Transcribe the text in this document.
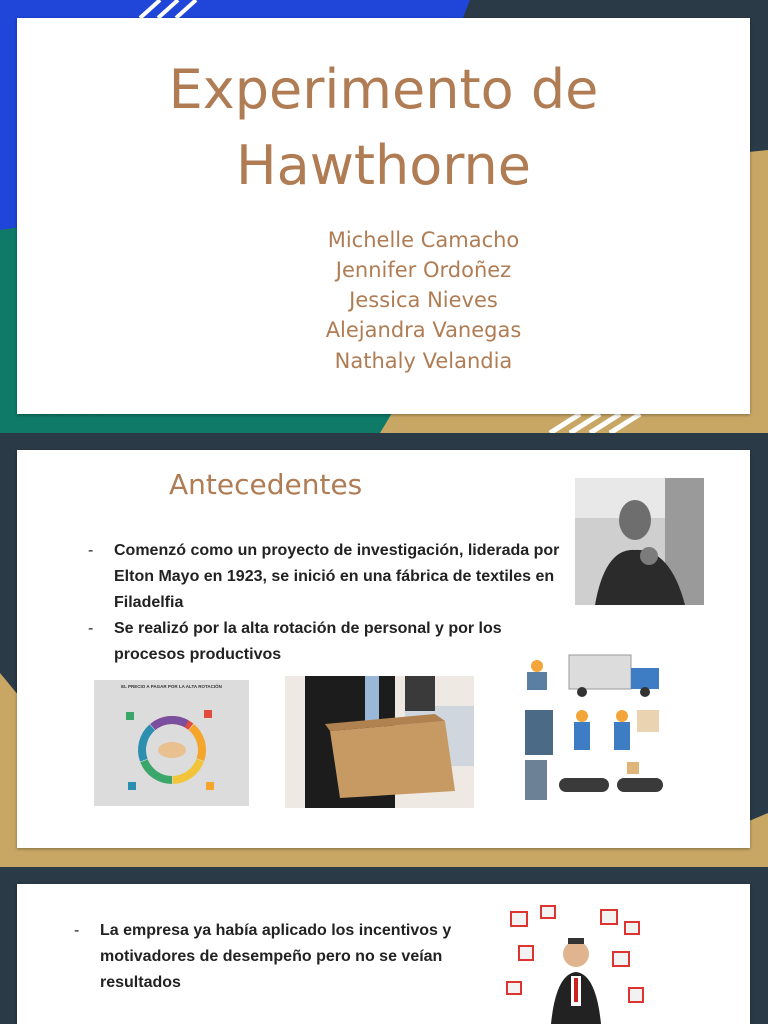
Experimento de
Hawthorne
Michelle Camacho
Jennifer Ordoñez
Jessica Nieves
Alejandra Vanegas
Nathaly Velandia
Antecedentes
- Comenzó como un proyecto de investigación, liderada por
Elton Mayo en 1923, se inició en una fábrica de textiles en
Filadelfia
- Se realizó por la alta rotación de personal y por los
procesos productivos
EL PRECIO A PAGAR POR LA ALTA ROTACIÓN
- La empresa ya había aplicado los incentivos y
motivadores de desempeño pero no se veían
resultados
